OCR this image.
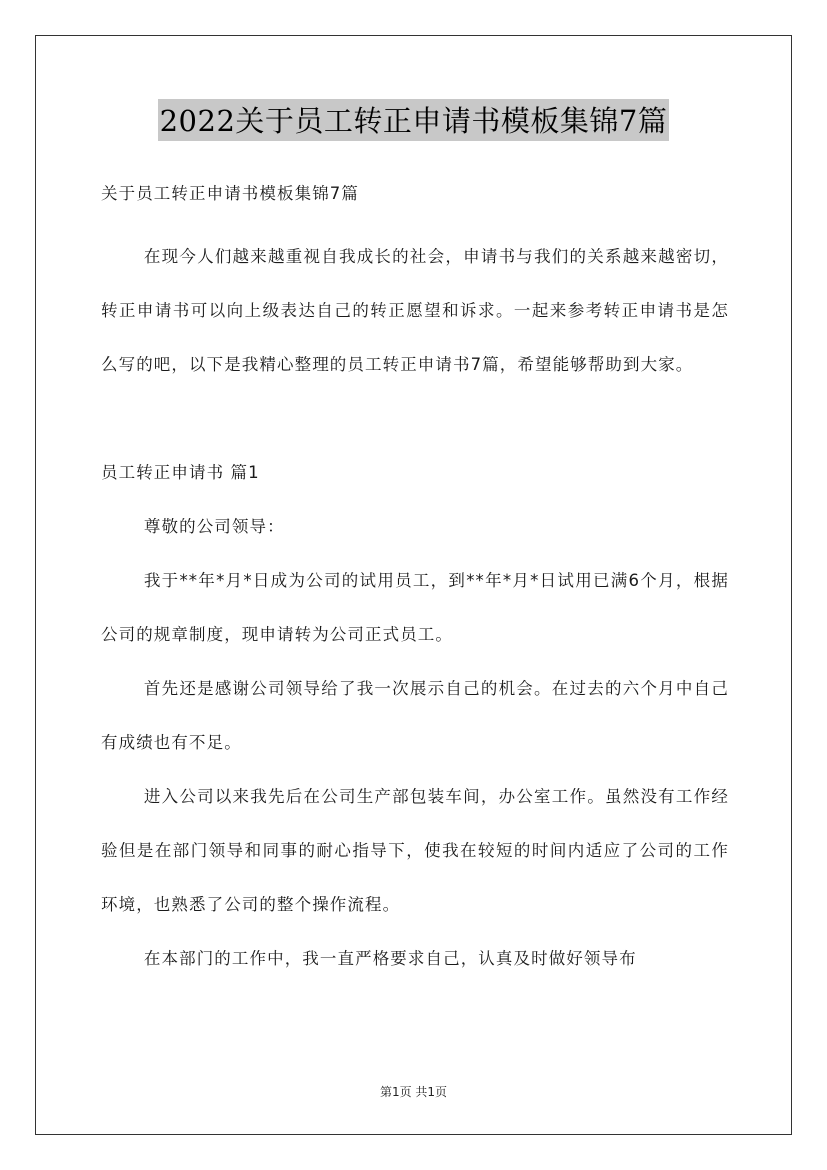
2022关于员工转正申请书模板集锦7篇

关于员工转正申请书模板集锦7篇

在现今人们越来越重视自我成长的社会，申请书与我们的关系越来越密切，转正申请书可以向上级表达自己的转正愿望和诉求。一起来参考转正申请书是怎么写的吧，以下是我精心整理的员工转正申请书7篇，希望能够帮助到大家。

员工转正申请书 篇1

尊敬的公司领导：

我于**年*月*日成为公司的试用员工，到**年*月*日试用已满6个月，根据公司的规章制度，现申请转为公司正式员工。

首先还是感谢公司领导给了我一次展示自己的机会。在过去的六个月中自己有成绩也有不足。

进入公司以来我先后在公司生产部包装车间，办公室工作。虽然没有工作经验但是在部门领导和同事的耐心指导下，使我在较短的时间内适应了公司的工作环境，也熟悉了公司的整个操作流程。

在本部门的工作中，我一直严格要求自己，认真及时做好领导布

第1页 共1页
